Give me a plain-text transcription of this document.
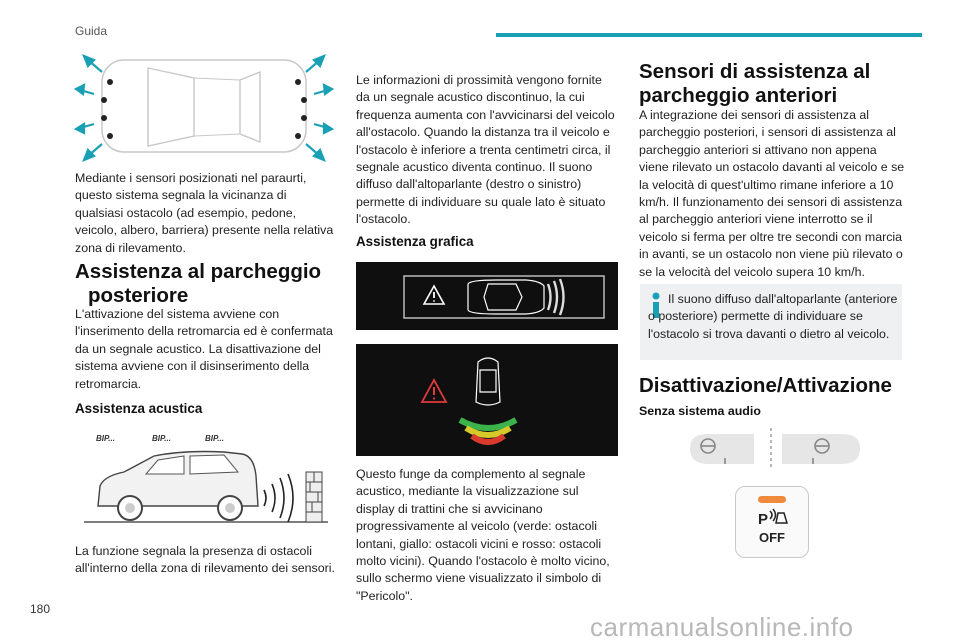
Guida
Mediante i sensori posizionati nel paraurti, questo sistema segnala la vicinanza di qualsiasi ostacolo (ad esempio, pedone, veicolo, albero, barriera) presente nella relativa zona di rilevamento.
Assistenza al parcheggio
posteriore
L'attivazione del sistema avviene con l'inserimento della retromarcia ed è confermata da un segnale acustico. La disattivazione del sistema avviene con il disinserimento della retromarcia.
Assistenza acustica
BIP...	BIP...	BIP...
La funzione segnala la presenza di ostacoli all'interno della zona di rilevamento dei sensori.
Le informazioni di prossimità vengono fornite da un segnale acustico discontinuo, la cui frequenza aumenta con l'avvicinarsi del veicolo all'ostacolo. Quando la distanza tra il veicolo e l'ostacolo è inferiore a trenta centimetri circa, il segnale acustico diventa continuo. Il suono diffuso dall'altoparlante (destro o sinistro) permette di individuare su quale lato è situato l'ostacolo.
Assistenza grafica
Questo funge da complemento al segnale acustico, mediante la visualizzazione sul display di trattini che si avvicinano progressivamente al veicolo (verde: ostacoli lontani, giallo: ostacoli vicini e rosso: ostacoli molto vicini). Quando l'ostacolo è molto vicino, sullo schermo viene visualizzato il simbolo di "Pericolo".
Sensori di assistenza al
parcheggio anteriori
A integrazione dei sensori di assistenza al parcheggio posteriori, i sensori di assistenza al parcheggio anteriori si attivano non appena viene rilevato un ostacolo davanti al veicolo e se la velocità di quest'ultimo rimane inferiore a 10 km/h. Il funzionamento dei sensori di assistenza al parcheggio anteriori viene interrotto se il veicolo si ferma per oltre tre secondi con marcia in avanti, se un ostacolo non viene più rilevato o se la velocità del veicolo supera 10 km/h.
Il suono diffuso dall'altoparlante (anteriore o posteriore) permette di individuare se l'ostacolo si trova davanti o dietro al veicolo.
Disattivazione/Attivazione
Senza sistema audio
P
OFF
180
carmanualsonline.info
